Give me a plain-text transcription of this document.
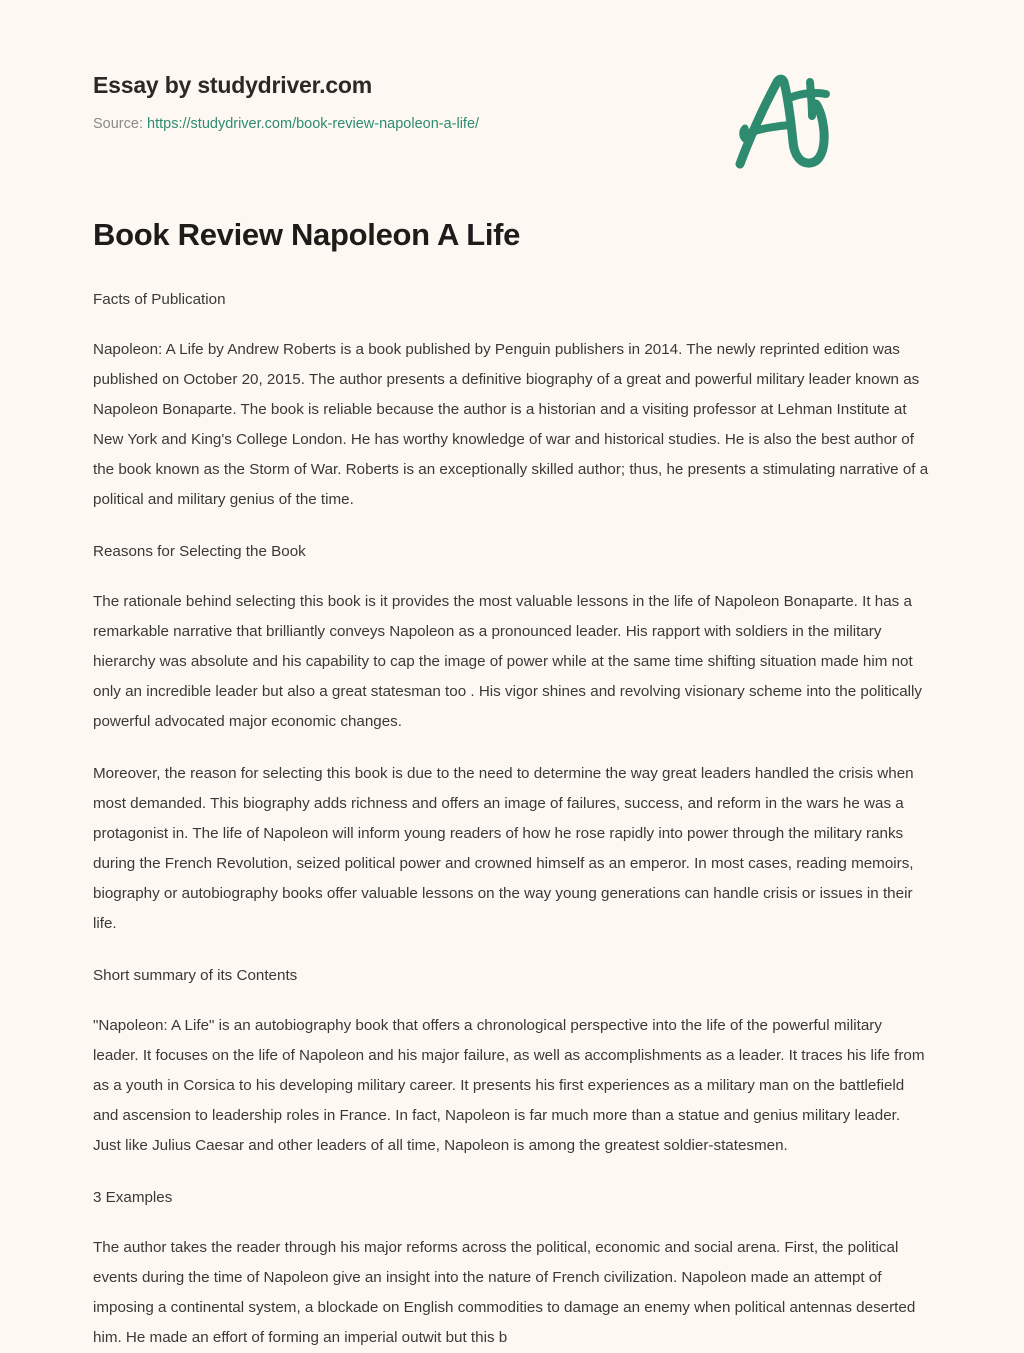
Essay by studydriver.com
Source: https://studydriver.com/book-review-napoleon-a-life/
Book Review Napoleon A Life
Facts of Publication
Napoleon: A Life by Andrew Roberts is a book published by Penguin publishers in 2014. The newly reprinted edition was published on October 20, 2015. The author presents a definitive biography of a great and powerful military leader known as Napoleon Bonaparte. The book is reliable because the author is a historian and a visiting professor at Lehman Institute at New York and King's College London. He has worthy knowledge of war and historical studies. He is also the best author of the book known as the Storm of War. Roberts is an exceptionally skilled author; thus, he presents a stimulating narrative of a political and military genius of the time.
Reasons for Selecting the Book
The rationale behind selecting this book is it provides the most valuable lessons in the life of Napoleon Bonaparte. It has a remarkable narrative that brilliantly conveys Napoleon as a pronounced leader. His rapport with soldiers in the military hierarchy was absolute and his capability to cap the image of power while at the same time shifting situation made him not only an incredible leader but also a great statesman too . His vigor shines and revolving visionary scheme into the politically powerful advocated major economic changes.
Moreover, the reason for selecting this book is due to the need to determine the way great leaders handled the crisis when most demanded. This biography adds richness and offers an image of failures, success, and reform in the wars he was a protagonist in. The life of Napoleon will inform young readers of how he rose rapidly into power through the military ranks during the French Revolution, seized political power and crowned himself as an emperor. In most cases, reading memoirs, biography or autobiography books offer valuable lessons on the way young generations can handle crisis or issues in their life.
Short summary of its Contents
"Napoleon: A Life" is an autobiography book that offers a chronological perspective into the life of the powerful military leader. It focuses on the life of Napoleon and his major failure, as well as accomplishments as a leader. It traces his life from as a youth in Corsica to his developing military career. It presents his first experiences as a military man on the battlefield and ascension to leadership roles in France. In fact, Napoleon is far much more than a statue and genius military leader. Just like Julius Caesar and other leaders of all time, Napoleon is among the greatest soldier-statesmen.
3 Examples
The author takes the reader through his major reforms across the political, economic and social arena. First, the political events during the time of Napoleon give an insight into the nature of French civilization. Napoleon made an attempt of imposing a continental system, a blockade on English commodities to damage an enemy when political antennas deserted him. He made an effort of forming an imperial outwit but this b
